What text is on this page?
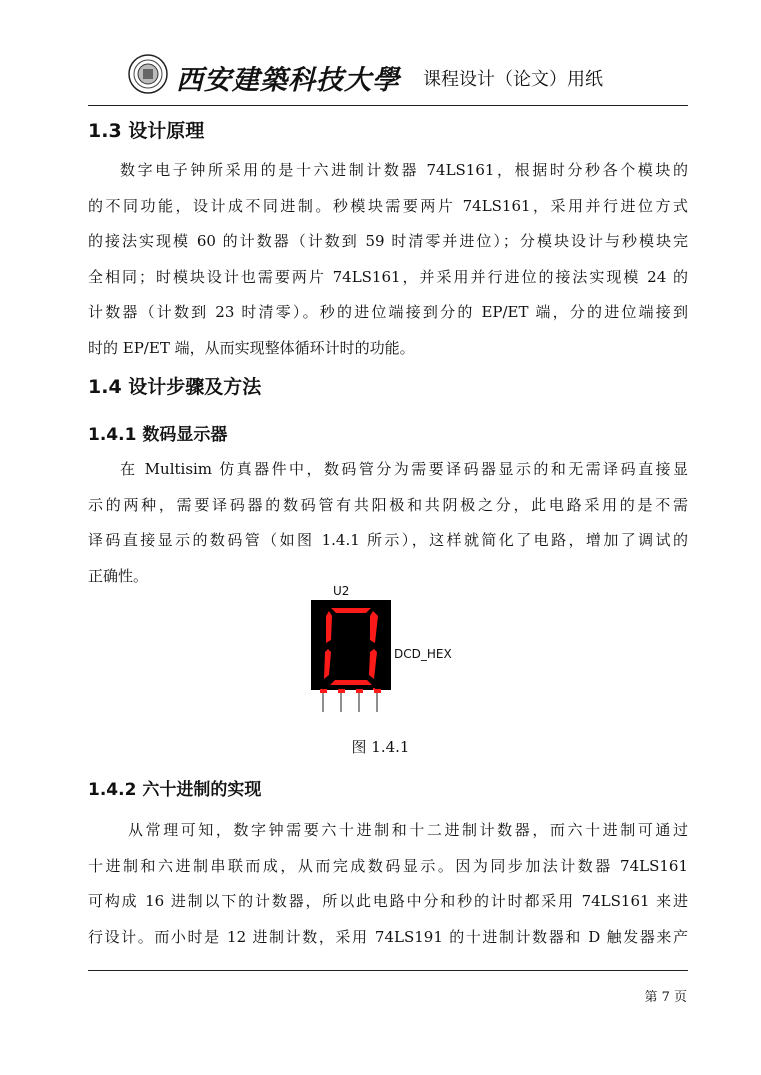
西安建築科技大學 课程设计（论文）用纸
1.3 设计原理
数字电子钟所采用的是十六进制计数器 74LS161，根据时分秒各个模块的
的不同功能，设计成不同进制。秒模块需要两片 74LS161，采用并行进位方式
的接法实现模 60 的计数器（计数到 59 时清零并进位）；分模块设计与秒模块完
全相同；时模块设计也需要两片 74LS161，并采用并行进位的接法实现模 24 的
计数器（计数到 23 时清零）。秒的进位端接到分的 EP/ET 端，分的进位端接到
时的 EP/ET 端，从而实现整体循环计时的功能。
1.4 设计步骤及方法
1.4.1 数码显示器
在 Multisim 仿真器件中，数码管分为需要译码器显示的和无需译码直接显
示的两种，需要译码器的数码管有共阳极和共阴极之分，此电路采用的是不需
译码直接显示的数码管（如图 1.4.1 所示），这样就简化了电路，增加了调试的
正确性。
U2
DCD_HEX
图 1.4.1
1.4.2 六十进制的实现
从常理可知，数字钟需要六十进制和十二进制计数器，而六十进制可通过
十进制和六进制串联而成，从而完成数码显示。因为同步加法计数器 74LS161
可构成 16 进制以下的计数器，所以此电路中分和秒的计时都采用 74LS161 来进
行设计。而小时是 12 进制计数，采用 74LS191 的十进制计数器和 D 触发器来产
第 7 页
